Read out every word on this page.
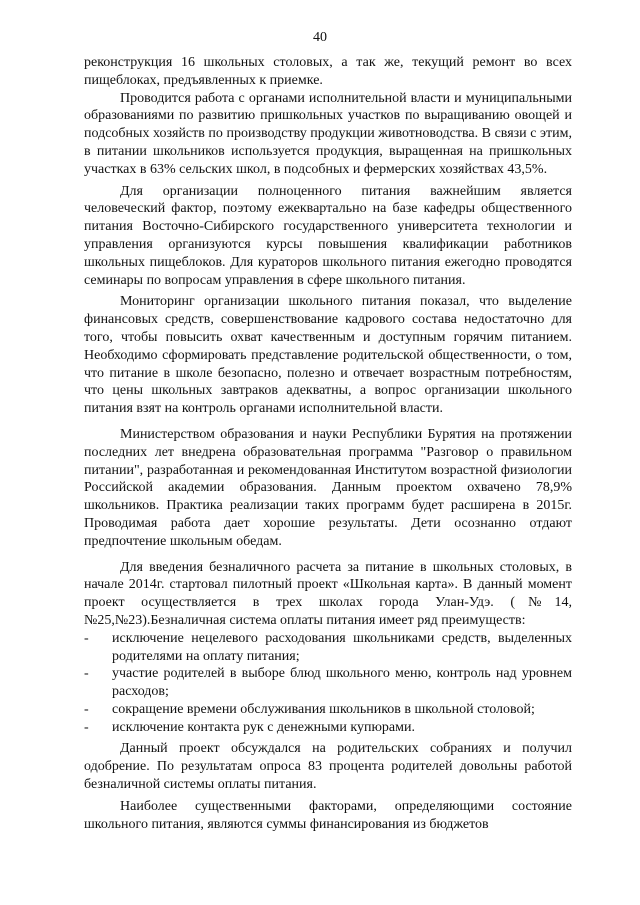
40

реконструкция 16 школьных столовых, а так же, текущий ремонт во всех пищеблоках, предъявленных к приемке.

Проводится работа с органами исполнительной власти и муниципальными образованиями по развитию пришкольных участков по выращиванию овощей и подсобных хозяйств по производству продукции животноводства. В связи с этим, в питании школьников используется продукция, выращенная на пришкольных участках в 63% сельских школ, в подсобных и фермерских хозяйствах 43,5%.

Для организации полноценного питания важнейшим является человеческий фактор, поэтому ежеквартально на базе кафедры общественного питания Восточно-Сибирского государственного университета технологии и управления организуются курсы повышения квалификации работников школьных пищеблоков. Для кураторов школьного питания ежегодно проводятся семинары по вопросам управления в сфере школьного питания.

Мониторинг организации школьного питания показал, что выделение финансовых средств, совершенствование кадрового состава недостаточно для того, чтобы повысить охват качественным и доступным горячим питанием. Необходимо сформировать представление родительской общественности, о том, что питание в школе безопасно, полезно и отвечает возрастным потребностям, что цены школьных завтраков адекватны, а вопрос организации школьного питания взят на контроль органами исполнительной власти.

Министерством образования и науки Республики Бурятия на протяжении последних лет внедрена образовательная программа "Разговор о правильном питании", разработанная и рекомендованная Институтом возрастной физиологии Российской академии образования. Данным проектом охвачено 78,9% школьников. Практика реализации таких программ будет расширена в 2015г. Проводимая работа дает хорошие результаты. Дети осознанно отдают предпочтение школьным обедам.

Для введения безналичного расчета за питание в школьных столовых, в начале 2014г. стартовал пилотный проект «Школьная карта». В данный момент проект осуществляется в трех школах города Улан-Удэ. (№14, №25,№23).Безналичная система оплаты питания имеет ряд преимуществ:

- исключение нецелевого расходования школьниками средств, выделенных родителями на оплату питания;
- участие родителей в выборе блюд школьного меню, контроль над уровнем расходов;
- сокращение времени обслуживания школьников в школьной столовой;
- исключение контакта рук с денежными купюрами.

Данный проект обсуждался на родительских собраниях и получил одобрение. По результатам опроса 83 процента родителей довольны работой безналичной системы оплаты питания.

Наиболее существенными факторами, определяющими состояние школьного питания, являются суммы финансирования из бюджетов
